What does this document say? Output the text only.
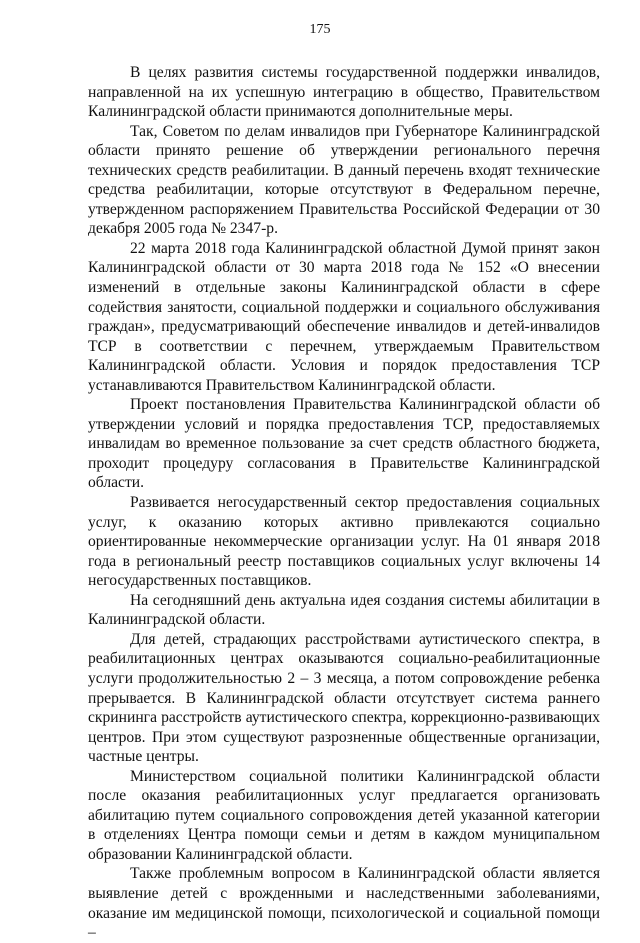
175

В целях развития системы государственной поддержки инвалидов, направленной на их успешную интеграцию в общество, Правительством Калининградской области принимаются дополнительные меры.

Так, Советом по делам инвалидов при Губернаторе Калининградской области принято решение об утверждении регионального перечня технических средств реабилитации. В данный перечень входят технические средства реабилитации, которые отсутствуют в Федеральном перечне, утвержденном распоряжением Правительства Российской Федерации от 30 декабря 2005 года № 2347-р.

22 марта 2018 года Калининградской областной Думой принят закон Калининградской области от 30 марта 2018 года № 152 «О внесении изменений в отдельные законы Калининградской области в сфере содействия занятости, социальной поддержки и социального обслуживания граждан», предусматривающий обеспечение инвалидов и детей-инвалидов ТСР в соответствии с перечнем, утверждаемым Правительством Калининградской области. Условия и порядок предоставления ТСР устанавливаются Правительством Калининградской области.

Проект постановления Правительства Калининградской области об утверждении условий и порядка предоставления ТСР, предоставляемых инвалидам во временное пользование за счет средств областного бюджета, проходит процедуру согласования в Правительстве Калининградской области.

Развивается негосударственный сектор предоставления социальных услуг, к оказанию которых активно привлекаются социально ориентированные некоммерческие организации услуг. На 01 января 2018 года в региональный реестр поставщиков социальных услуг включены 14 негосударственных поставщиков.

На сегодняшний день актуальна идея создания системы абилитации в Калининградской области.

Для детей, страдающих расстройствами аутистического спектра, в реабилитационных центрах оказываются социально-реабилитационные услуги продолжительностью 2 – 3 месяца, а потом сопровождение ребенка прерывается. В Калининградской области отсутствует система раннего скрининга расстройств аутистического спектра, коррекционно-развивающих центров. При этом существуют разрозненные общественные организации, частные центры.

Министерством социальной политики Калининградской области после оказания реабилитационных услуг предлагается организовать абилитацию путем социального сопровождения детей указанной категории в отделениях Центра помощи семьи и детям в каждом муниципальном образовании Калининградской области.

Также проблемным вопросом в Калининградской области является выявление детей с врожденными и наследственными заболеваниями, оказание им медицинской помощи, психологической и социальной помощи –
